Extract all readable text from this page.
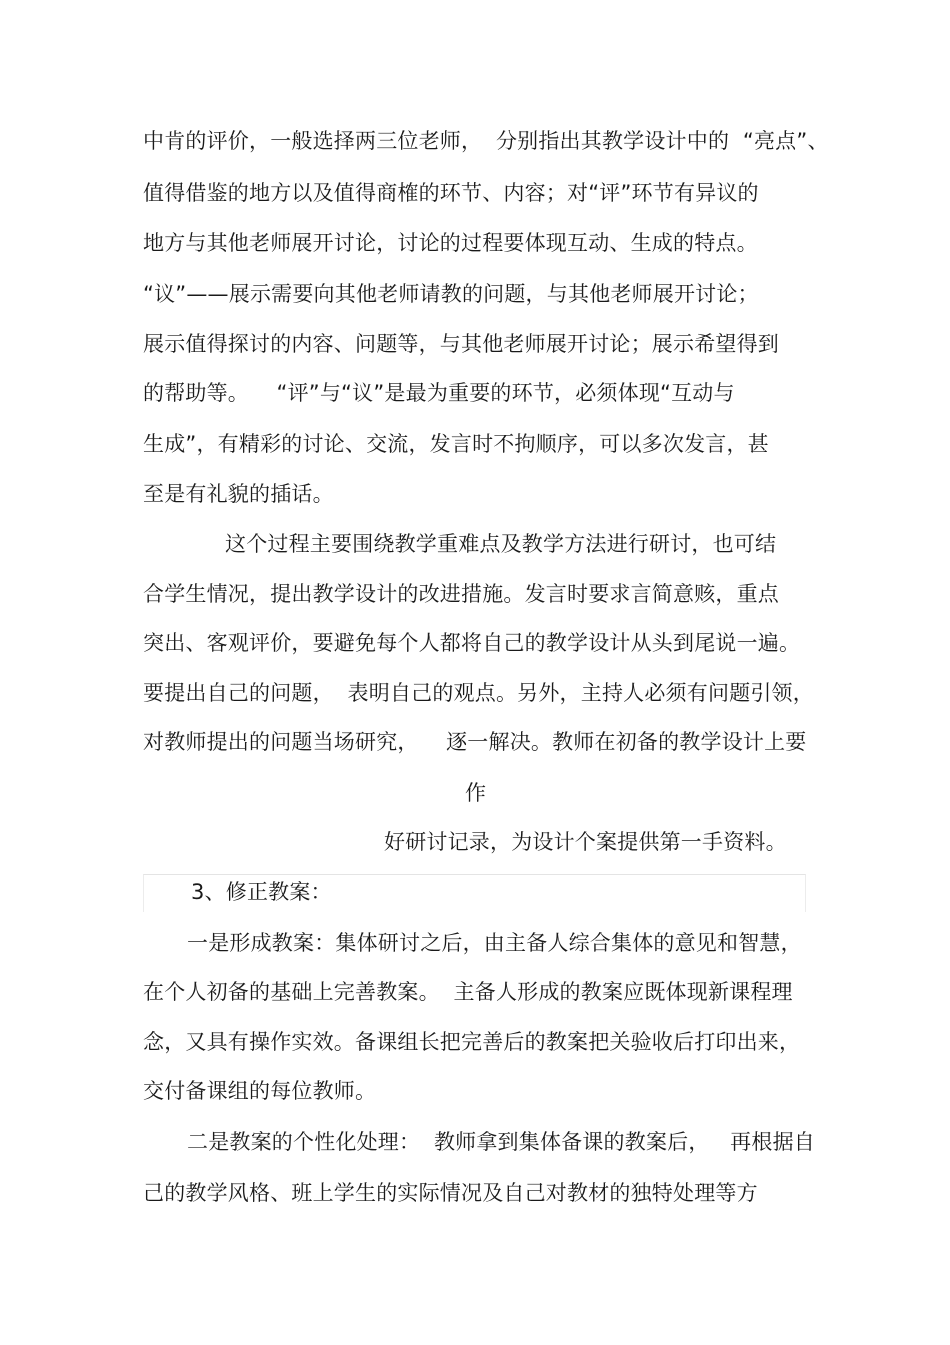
中肯的评价，一般选择两三位老师，  分别指出其教学设计中的  “亮点”、
值得借鉴的地方以及值得商榷的环节、内容；对“评”环节有异议的
地方与其他老师展开讨论，讨论的过程要体现互动、生成的特点。
“议”——展示需要向其他老师请教的问题，与其他老师展开讨论；
展示值得探讨的内容、问题等，与其他老师展开讨论；展示希望得到
的帮助等。    “评”与“议”是最为重要的环节，必须体现“互动与
生成”，有精彩的讨论、交流，发言时不拘顺序，可以多次发言，甚
至是有礼貌的插话。
这个过程主要围绕教学重难点及教学方法进行研讨，也可结
合学生情况，提出教学设计的改进措施。发言时要求言简意赅，重点
突出、客观评价，要避免每个人都将自己的教学设计从头到尾说一遍。
要提出自己的问题，  表明自己的观点。另外，主持人必须有问题引领，
对教师提出的问题当场研究，    逐一解决。教师在初备的教学设计上要
作
好研讨记录，为设计个案提供第一手资料。
3、修正教案：
一是形成教案：集体研讨之后，由主备人综合集体的意见和智慧，
在个人初备的基础上完善教案。  主备人形成的教案应既体现新课程理
念，又具有操作实效。备课组长把完善后的教案把关验收后打印出来，
交付备课组的每位教师。
二是教案的个性化处理：  教师拿到集体备课的教案后，   再根据自
己的教学风格、班上学生的实际情况及自己对教材的独特处理等方
